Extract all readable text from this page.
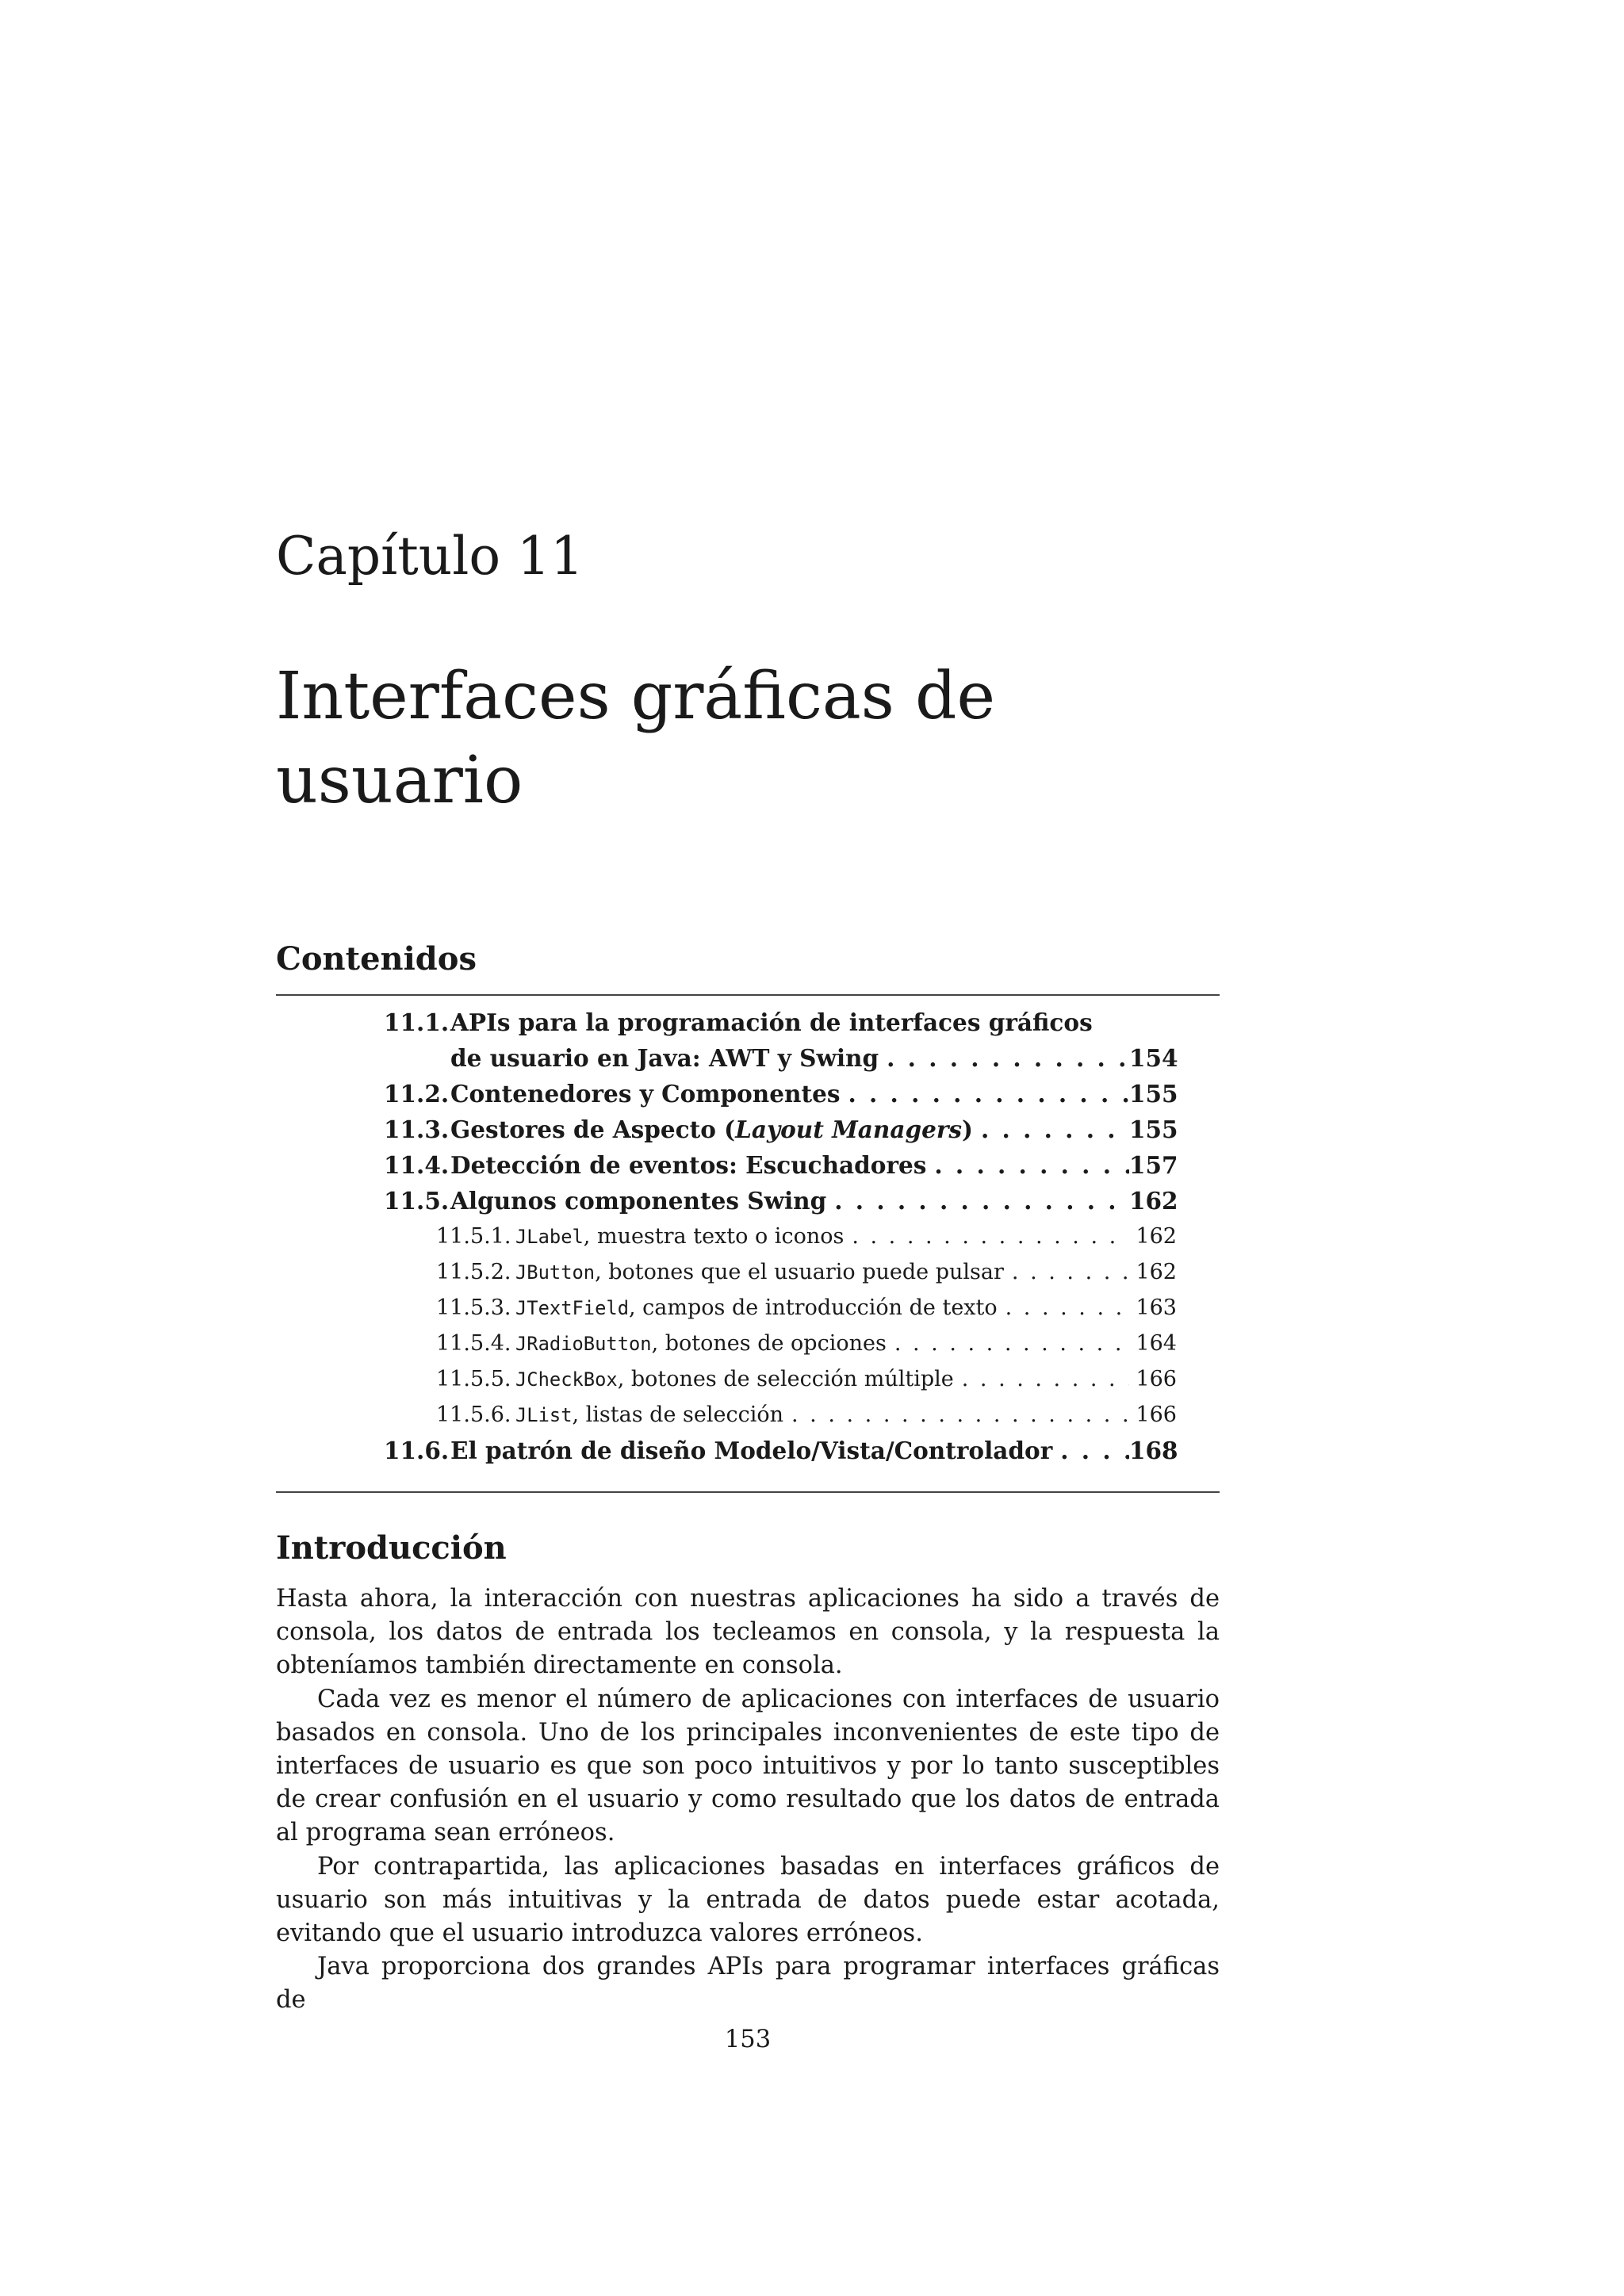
Capítulo 11
Interfaces gráficas de usuario
Contenidos
11.1. APIs para la programación de interfaces gráficos
de usuario en Java: AWT y Swing . . .	154
11.2. Contenedores y Componentes . . .	155
11.3. Gestores de Aspecto (Layout Managers) . . .	155
11.4. Detección de eventos: Escuchadores . . .	157
11.5. Algunos componentes Swing . . .	162
11.5.1. JLabel, muestra texto o iconos . . .	162
11.5.2. JButton, botones que el usuario puede pulsar . . .	162
11.5.3. JTextField, campos de introducción de texto . . .	163
11.5.4. JRadioButton, botones de opciones . . .	164
11.5.5. JCheckBox, botones de selección múltiple . . .	166
11.5.6. JList, listas de selección . . .	166
11.6. El patrón de diseño Modelo/Vista/Controlador . . .	168
Introducción

Hasta ahora, la interacción con nuestras aplicaciones ha sido a través de consola, los datos de entrada los tecleamos en consola, y la respuesta la obteníamos también directamente en consola.

Cada vez es menor el número de aplicaciones con interfaces de usuario basados en consola. Uno de los principales inconvenientes de este tipo de interfaces de usuario es que son poco intuitivos y por lo tanto susceptibles de crear confusión en el usuario y como resultado que los datos de entrada al programa sean erróneos.

Por contrapartida, las aplicaciones basadas en interfaces gráficos de usuario son más intuitivas y la entrada de datos puede estar acotada, evitando que el usuario introduzca valores erróneos.

Java proporciona dos grandes APIs para programar interfaces gráficas de

153
